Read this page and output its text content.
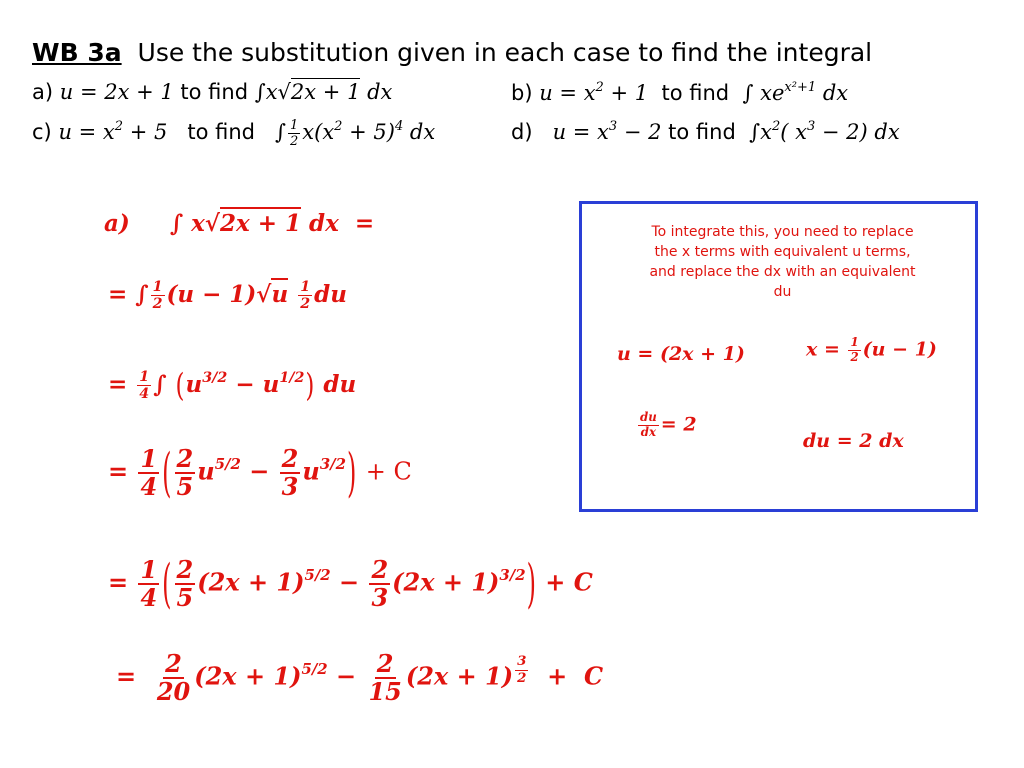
WB 3a Use the substitution given in each case to find the integral
a) u = 2x + 1 to find ∫x√2x + 1 dx	b) $u = x^2 + 1$ to find ∫ $xe^{x^2+1}$ dx
c) $u = x^2 + 5$ to find ∫ $\frac{1}{2} x(x^2 + 5)^4$ dx	d) $u = x^3 - 2$ to find $\int x^2$( $x^3 - 2$) dx
a) ∫ x√2x + 1 dx  =
= ∫ $\frac{1}{2} (u - 1)√u \frac{1}{2}$ du
= $\frac{1}{4}$ ∫ $(u^{3/2} - u^{1/2})$ du
= $\frac{1}{4}$ ( $\frac{2}{5} u^{5/2} - \frac{2}{3} u^{3/2}) + C$
= $\frac{1}{4}$ ( $\frac{2}{5} (2x + 1)^{5/2} - \frac{2}{3} (2x + 1)^{3/2}) + C$
= $\frac{2}{20} (2x + 1)^{5/2} - \frac{2}{15} (2x + 1) ^{\frac{3}{2}} + C$
To integrate this, you need to replace the x terms with equivalent u terms, and replace the dx with an equivalent du
u = (2x + 1)	$x = \frac{1}{2} (u - 1)$
$\frac{du}{dx} = 2$
du = 2 dx
